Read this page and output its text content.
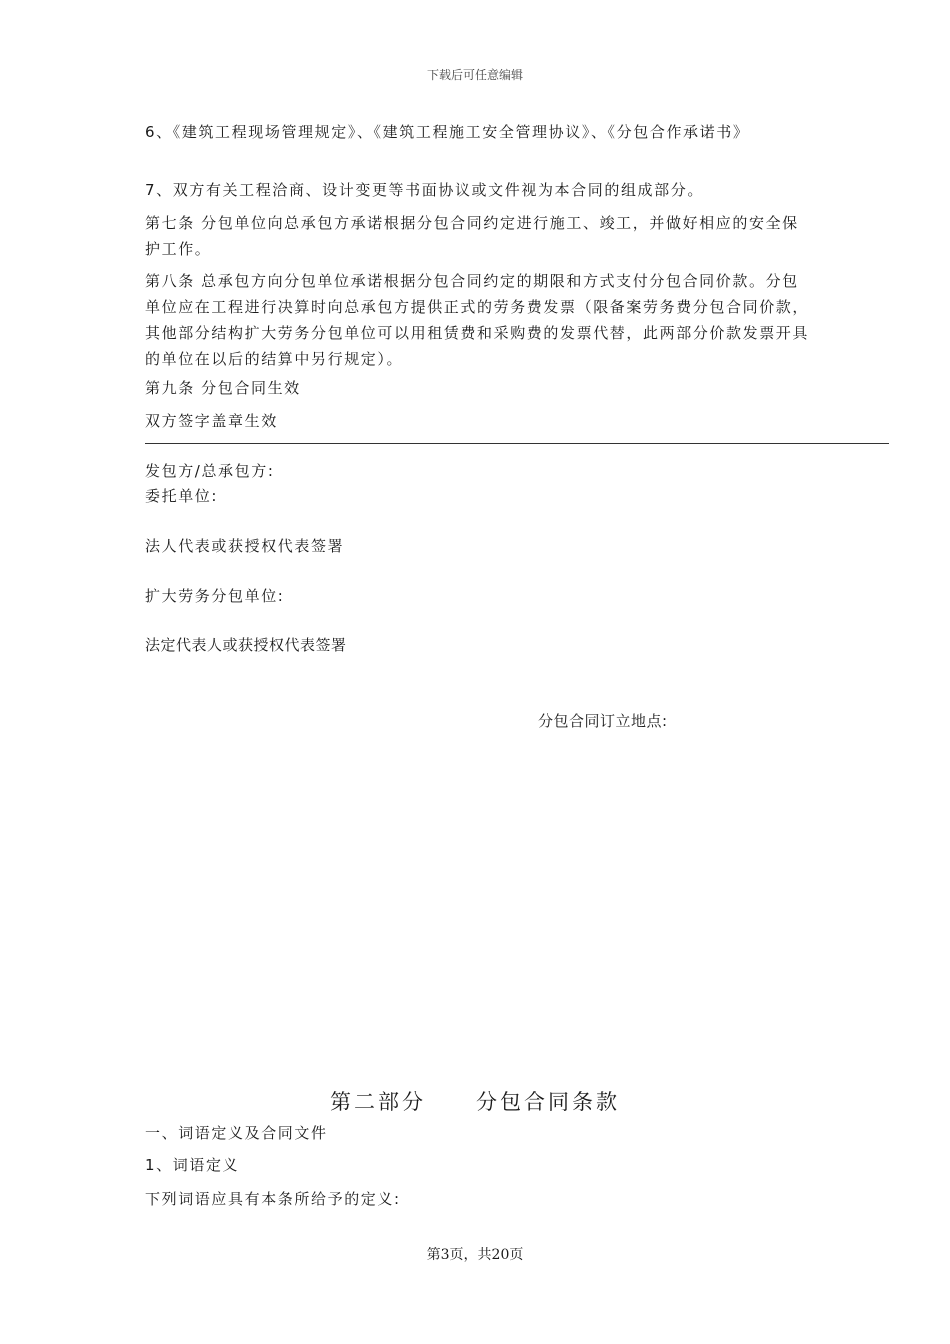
下载后可任意编辑
6、《建筑工程现场管理规定》、《建筑工程施工安全管理协议》、《分包合作承诺书》
7、双方有关工程洽商、设计变更等书面协议或文件视为本合同的组成部分。
第七条 分包单位向总承包方承诺根据分包合同约定进行施工、竣工，并做好相应的安全保护工作。
第八条 总承包方向分包单位承诺根据分包合同约定的期限和方式支付分包合同价款。分包单位应在工程进行决算时向总承包方提供正式的劳务费发票（限备案劳务费分包合同价款，其他部分结构扩大劳务分包单位可以用租赁费和采购费的发票代替，此两部分价款发票开具的单位在以后的结算中另行规定）。
第九条 分包合同生效
双方签字盖章生效
发包方/总承包方:
委托单位:
法人代表或获授权代表签署
扩大劳务分包单位:
法定代表人或获授权代表签署
分包合同订立地点:
第二部分 分包合同条款
一、词语定义及合同文件
1、词语定义
下列词语应具有本条所给予的定义:
第3页，共20页
